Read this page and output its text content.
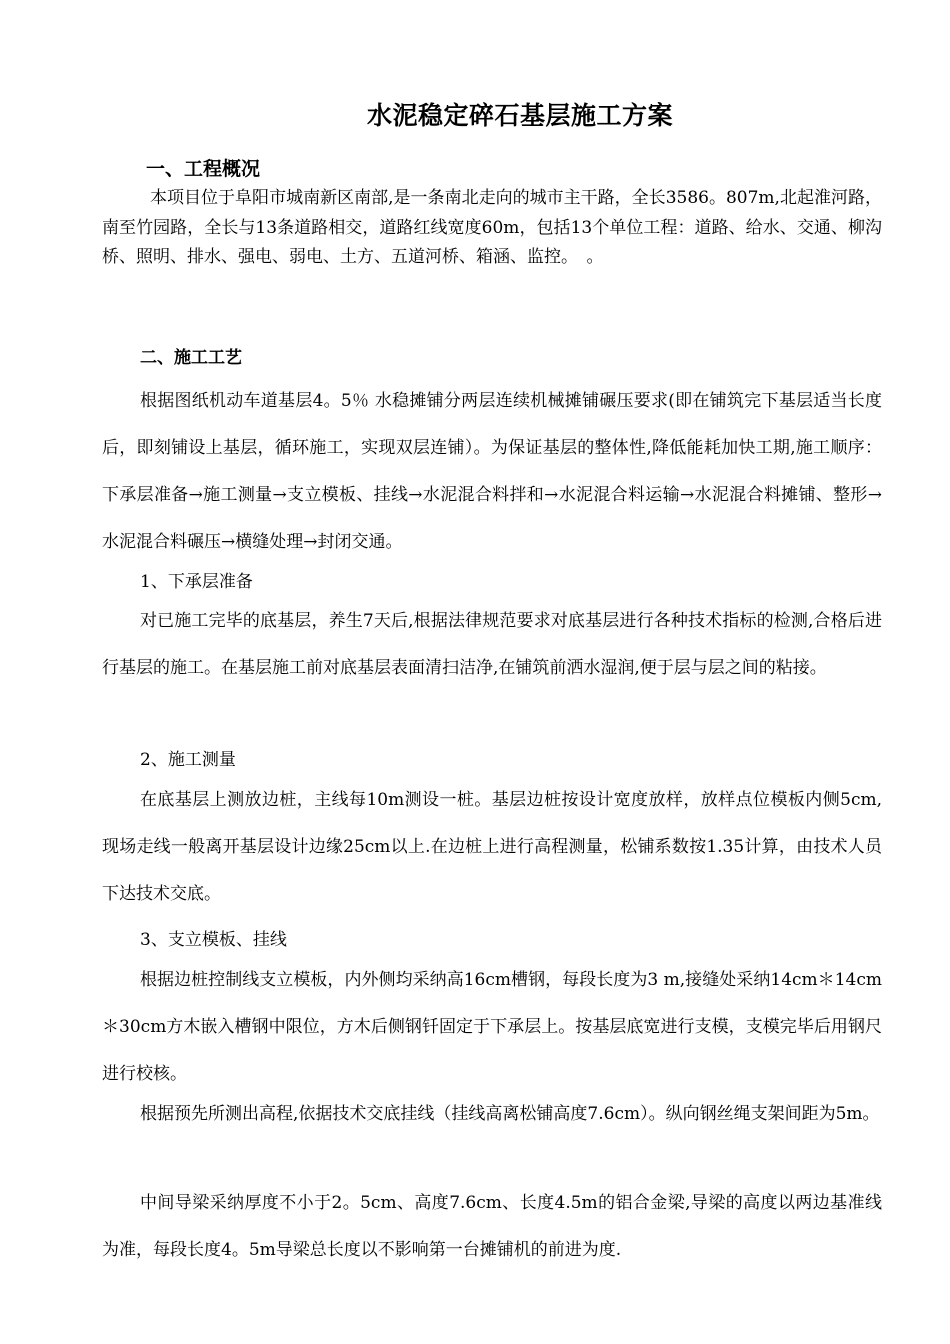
水泥稳定碎石基层施工方案
一、工程概况

本项目位于阜阳市城南新区南部,是一条南北走向的城市主干路，全长3586。807m,北起淮河路，南至竹园路，全长与13条道路相交，道路红线宽度60m，包括13个单位工程：道路、给水、交通、柳沟桥、照明、排水、强电、弱电、土方、五道河桥、箱涵、监控。　。

二、施工工艺

根据图纸机动车道基层4。5％ 水稳摊铺分两层连续机械摊铺碾压要求(即在铺筑完下基层适当长度后，即刻铺设上基层，循环施工，实现双层连铺）。为保证基层的整体性,降低能耗加快工期,施工顺序：下承层准备→施工测量→支立模板、挂线→水泥混合料拌和→水泥混合料运输→水泥混合料摊铺、整形→水泥混合料碾压→横缝处理→封闭交通。

1、下承层准备

对已施工完毕的底基层，养生7天后,根据法律规范要求对底基层进行各种技术指标的检测,合格后进行基层的施工。在基层施工前对底基层表面清扫洁净,在铺筑前洒水湿润,便于层与层之间的粘接。

2、施工测量

在底基层上测放边桩，主线每10m测设一桩。基层边桩按设计宽度放样，放样点位模板内侧5cm,现场走线一般离开基层设计边缘25cm以上.在边桩上进行高程测量，松铺系数按1.35计算，由技术人员下达技术交底。

3、支立模板、挂线

根据边桩控制线支立模板，内外侧均采纳高16cm槽钢，每段长度为3 m,接缝处采纳14cm＊14cm＊30cm方木嵌入槽钢中限位，方木后侧钢钎固定于下承层上。按基层底宽进行支模，支模完毕后用钢尺进行校核。

根据预先所测出高程,依据技术交底挂线（挂线高离松铺高度7.6cm）。纵向钢丝绳支架间距为5m。

中间导梁采纳厚度不小于2。5cm、高度7.6cm、长度4.5m的铝合金梁,导梁的高度以两边基准线为准，每段长度4。5m导梁总长度以不影响第一台摊铺机的前进为度.
